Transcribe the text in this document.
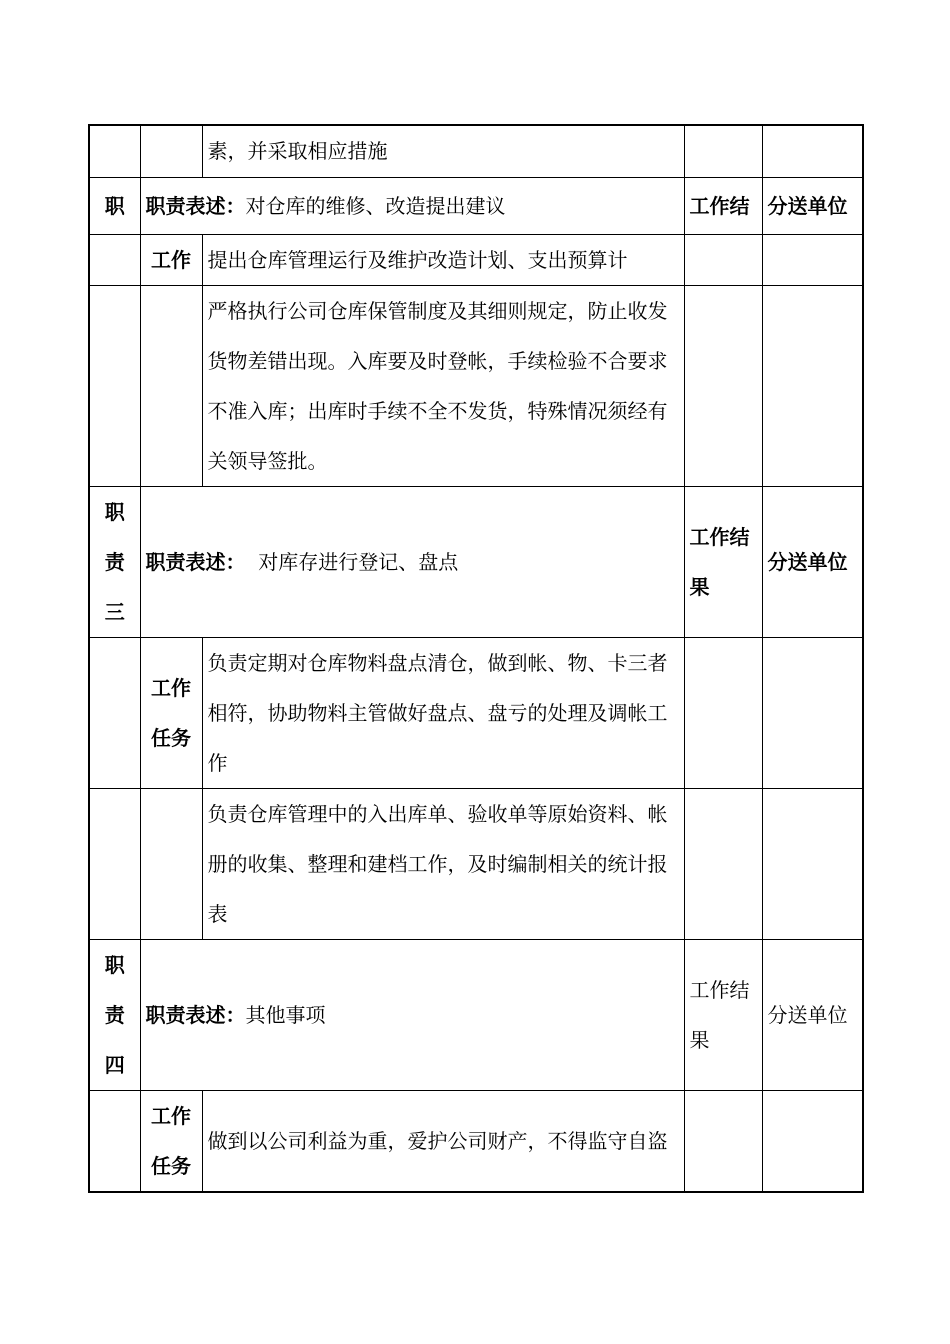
		素，并采取相应措施		
职	职责表述：对仓库的维修、改造提出建议		工作结	分送单位
	工作	提出仓库管理运行及维护改造计划、支出预算计		
		严格执行公司仓库保管制度及其细则规定，防止收发货物差错出现。入库要及时登帐，手续检验不合要求不准入库；出库时手续不全不发货，特殊情况须经有关领导签批。		

职
责
三	职责表述：  对库存进行登记、盘点		工作结果	分送单位

	工作
任务	负责定期对仓库物料盘点清仓，做到帐、物、卡三者相符，协助物料主管做好盘点、盘亏的处理及调帐工作		
		负责仓库管理中的入出库单、验收单等原始资料、帐册的收集、整理和建档工作，及时编制相关的统计报表		

职
责
四	职责表述：其他事项		工作结果	分送单位

	工作
任务	做到以公司利益为重，爱护公司财产，不得监守自盗		
